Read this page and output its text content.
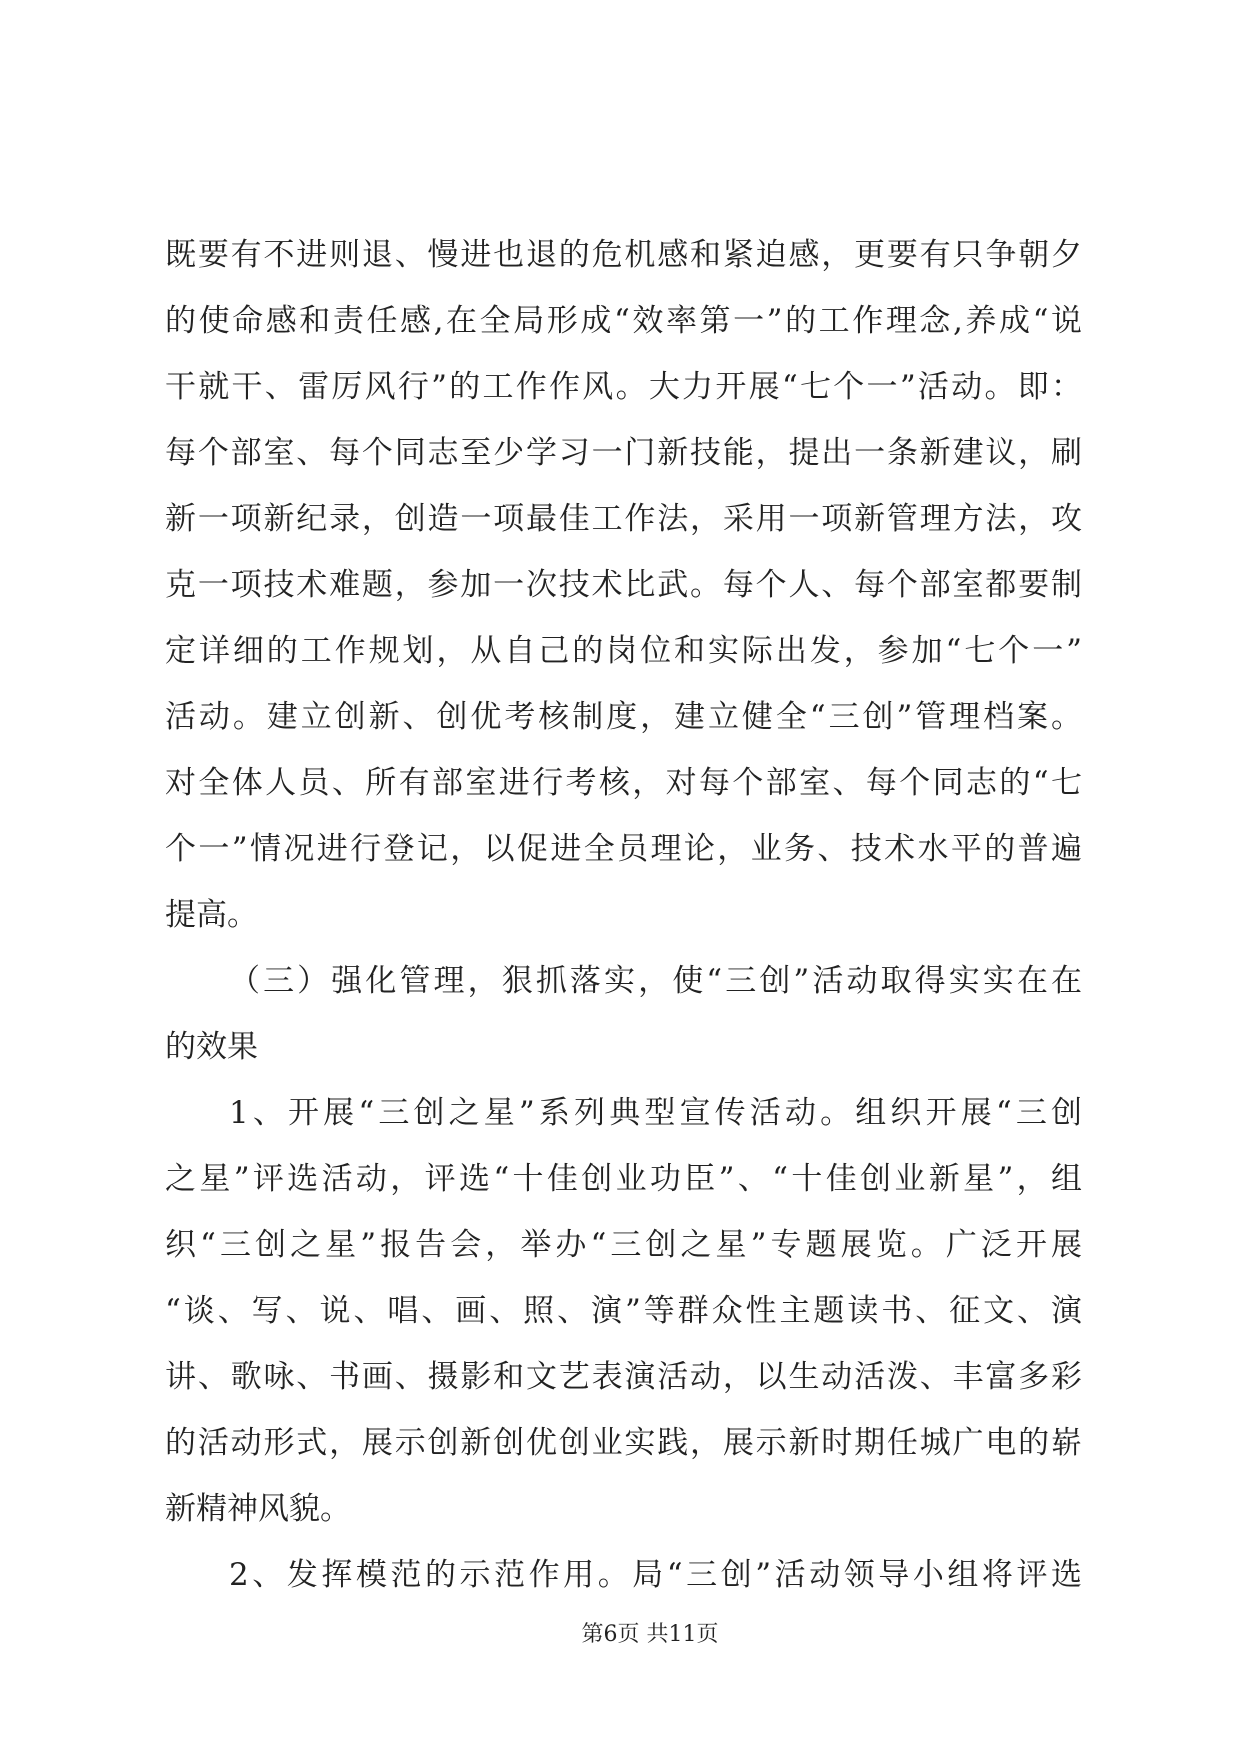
既要有不进则退、慢进也退的危机感和紧迫感，更要有只争朝夕
的使命感和责任感,在全局形成“效率第一”的工作理念,养成“说
干就干、雷厉风行”的工作作风。大力开展“七个一”活动。即：
每个部室、每个同志至少学习一门新技能，提出一条新建议，刷
新一项新纪录，创造一项最佳工作法，采用一项新管理方法，攻
克一项技术难题，参加一次技术比武。每个人、每个部室都要制
定详细的工作规划，从自己的岗位和实际出发，参加“七个一”
活动。建立创新、创优考核制度，建立健全“三创”管理档案。
对全体人员、所有部室进行考核，对每个部室、每个同志的“七
个一”情况进行登记，以促进全员理论，业务、技术水平的普遍
提高。
（三）强化管理，狠抓落实，使“三创”活动取得实实在在
的效果
1、开展“三创之星”系列典型宣传活动。组织开展“三创
之星”评选活动，评选“十佳创业功臣”、“十佳创业新星”，组
织“三创之星”报告会，举办“三创之星”专题展览。广泛开展
“谈、写、说、唱、画、照、演”等群众性主题读书、征文、演
讲、歌咏、书画、摄影和文艺表演活动，以生动活泼、丰富多彩
的活动形式，展示创新创优创业实践，展示新时期任城广电的崭
新精神风貌。
2、发挥模范的示范作用。局“三创”活动领导小组将评选
第6页 共11页
